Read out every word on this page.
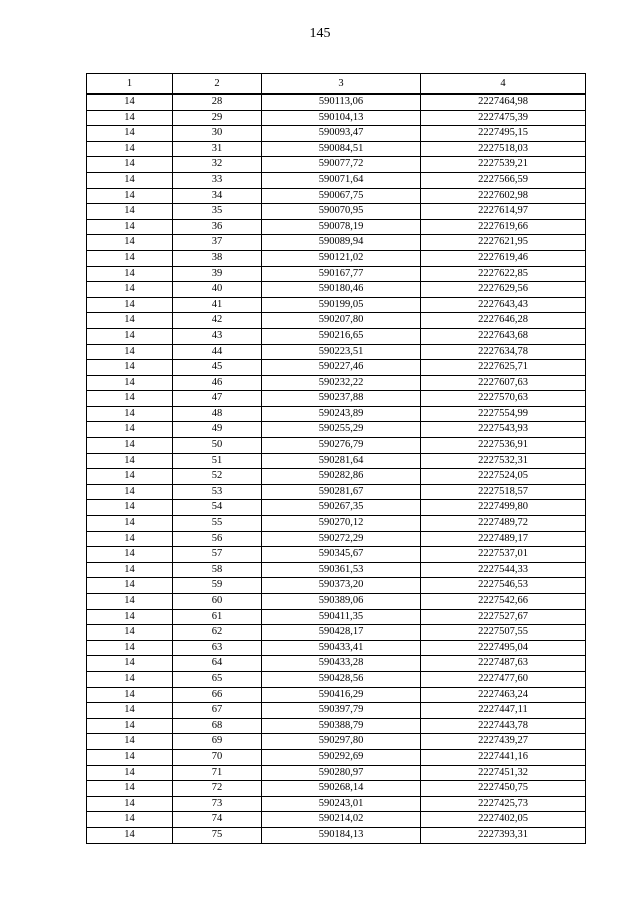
145
1	2	3	4
14	28	590113,06	2227464,98
14	29	590104,13	2227475,39
14	30	590093,47	2227495,15
14	31	590084,51	2227518,03
14	32	590077,72	2227539,21
14	33	590071,64	2227566,59
14	34	590067,75	2227602,98
14	35	590070,95	2227614,97
14	36	590078,19	2227619,66
14	37	590089,94	2227621,95
14	38	590121,02	2227619,46
14	39	590167,77	2227622,85
14	40	590180,46	2227629,56
14	41	590199,05	2227643,43
14	42	590207,80	2227646,28
14	43	590216,65	2227643,68
14	44	590223,51	2227634,78
14	45	590227,46	2227625,71
14	46	590232,22	2227607,63
14	47	590237,88	2227570,63
14	48	590243,89	2227554,99
14	49	590255,29	2227543,93
14	50	590276,79	2227536,91
14	51	590281,64	2227532,31
14	52	590282,86	2227524,05
14	53	590281,67	2227518,57
14	54	590267,35	2227499,80
14	55	590270,12	2227489,72
14	56	590272,29	2227489,17
14	57	590345,67	2227537,01
14	58	590361,53	2227544,33
14	59	590373,20	2227546,53
14	60	590389,06	2227542,66
14	61	590411,35	2227527,67
14	62	590428,17	2227507,55
14	63	590433,41	2227495,04
14	64	590433,28	2227487,63
14	65	590428,56	2227477,60
14	66	590416,29	2227463,24
14	67	590397,79	2227447,11
14	68	590388,79	2227443,78
14	69	590297,80	2227439,27
14	70	590292,69	2227441,16
14	71	590280,97	2227451,32
14	72	590268,14	2227450,75
14	73	590243,01	2227425,73
14	74	590214,02	2227402,05
14	75	590184,13	2227393,31
